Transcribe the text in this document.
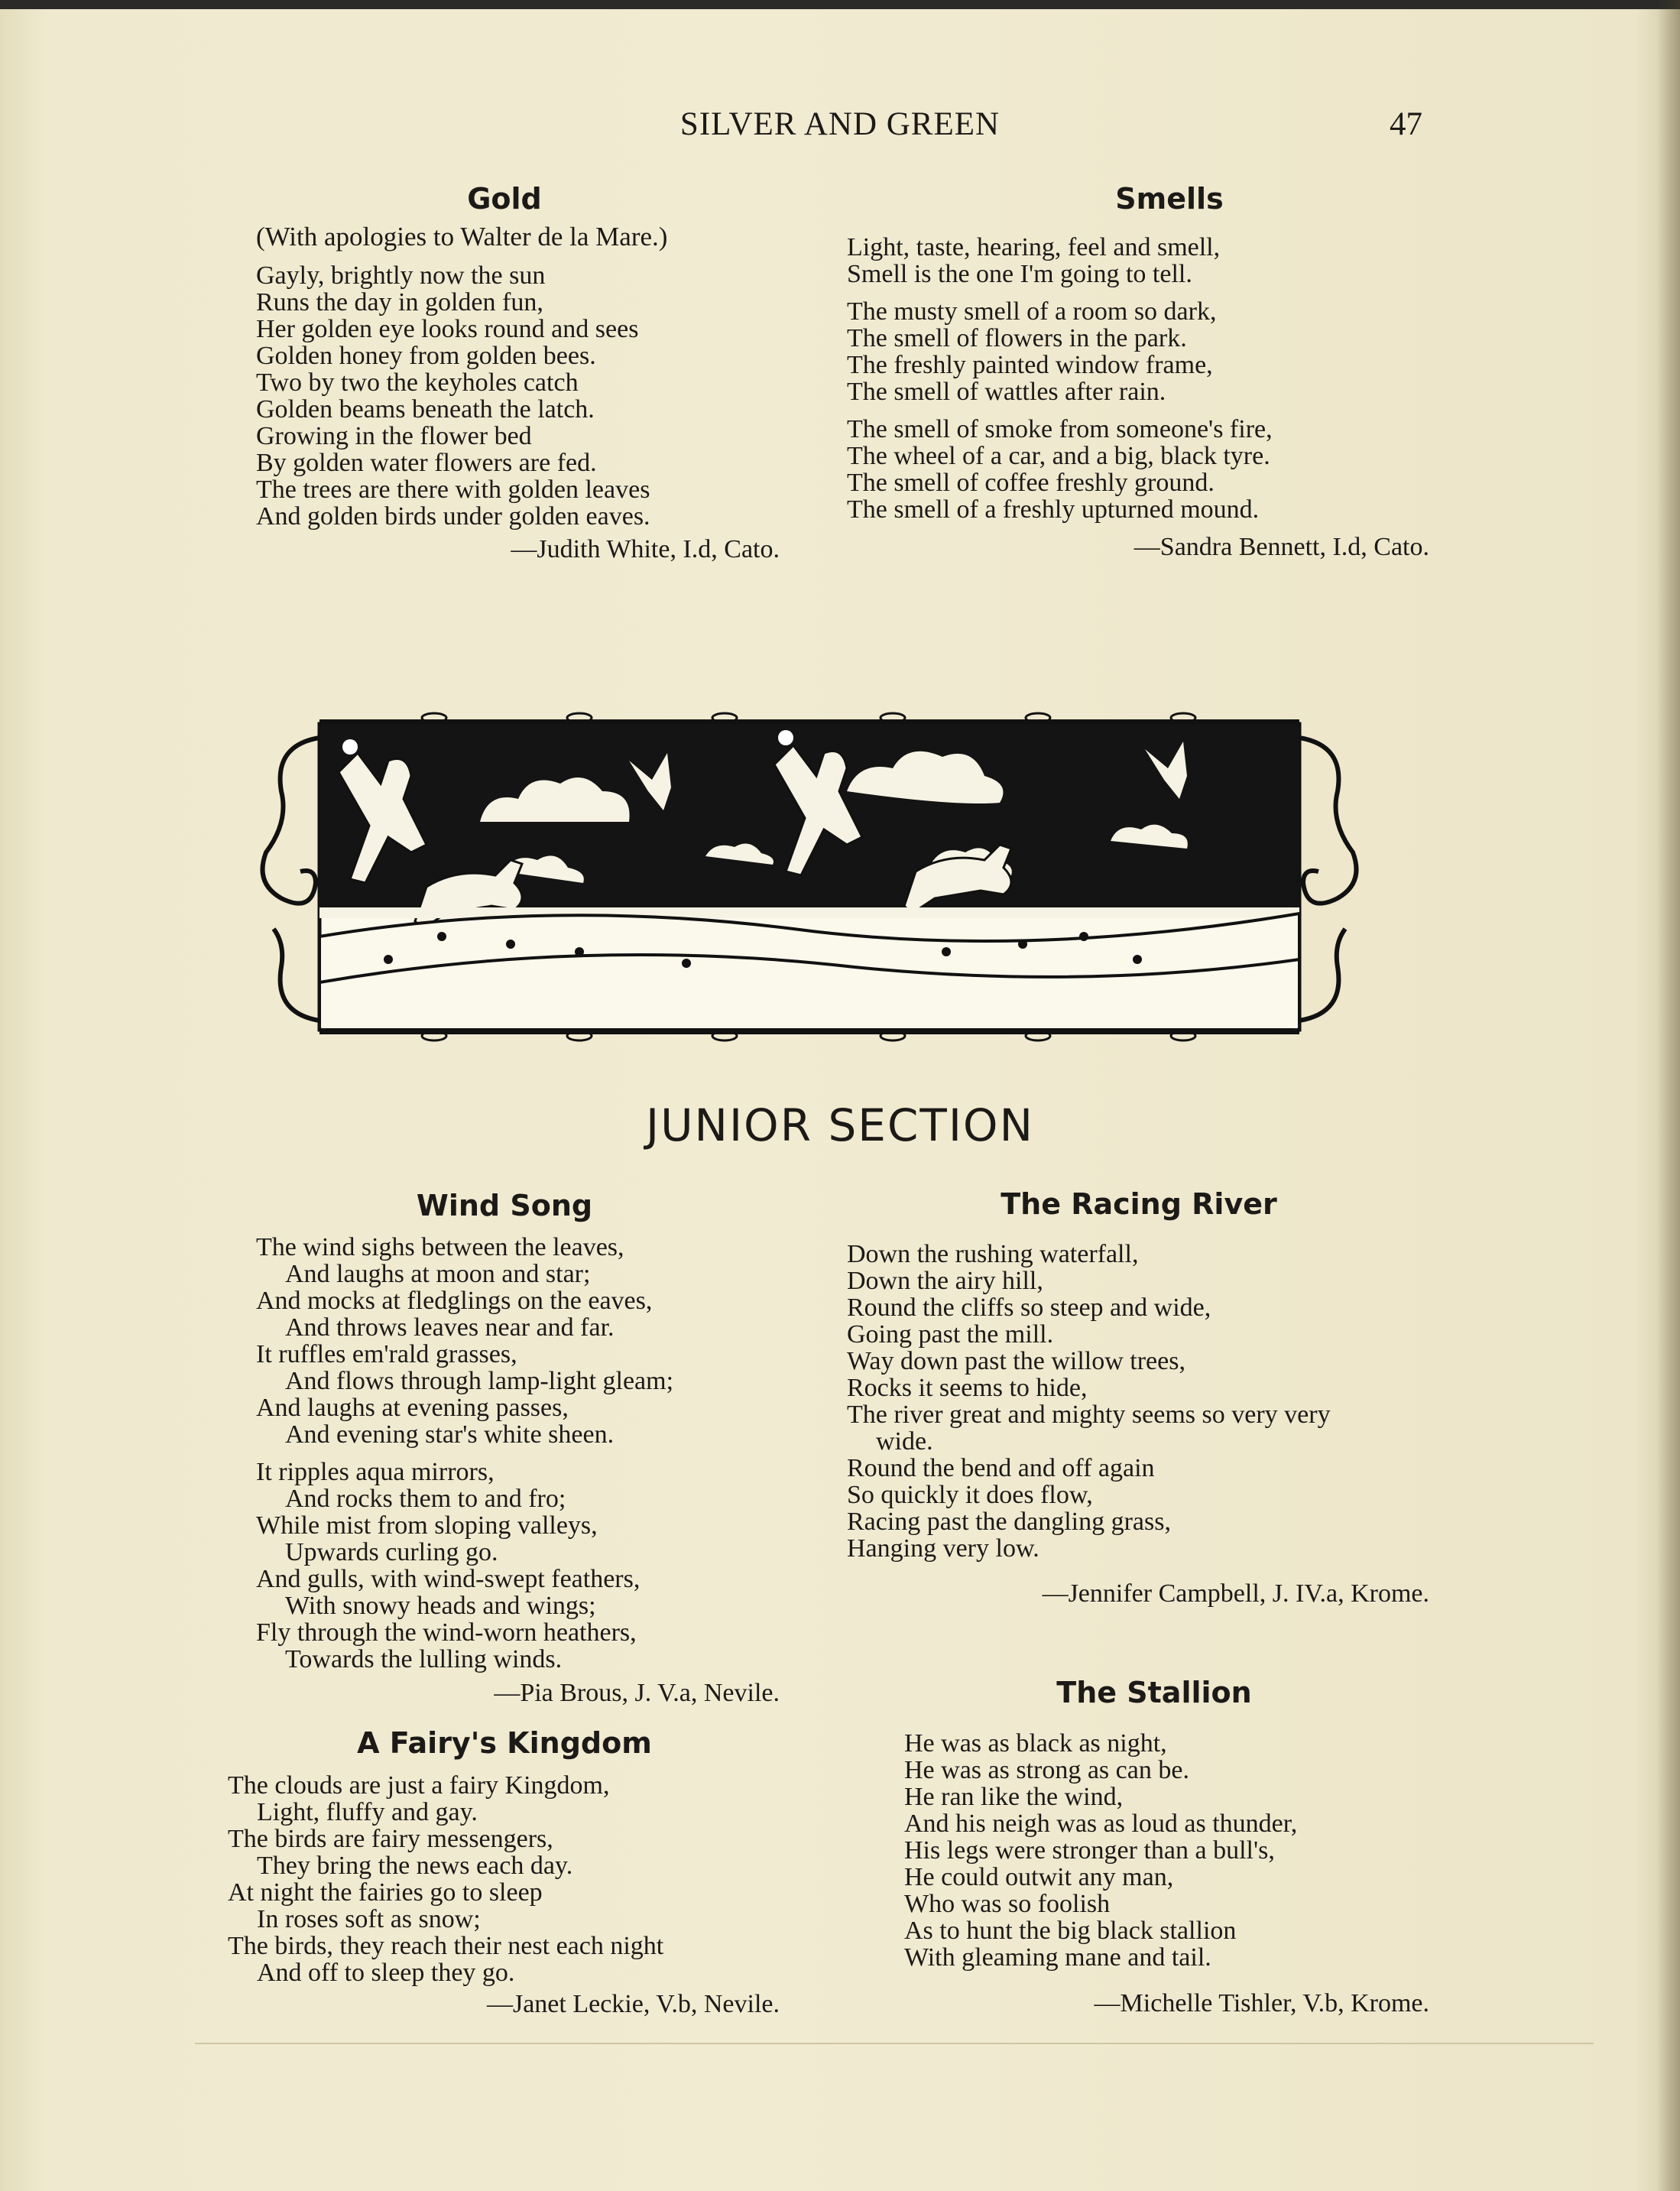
SILVER AND GREEN	47
Gold
(With apologies to Walter de la Mare.)
Gayly, brightly now the sun
Runs the day in golden fun,
Her golden eye looks round and sees
Golden honey from golden bees.
Two by two the keyholes catch
Golden beams beneath the latch.
Growing in the flower bed
By golden water flowers are fed.
The trees are there with golden leaves
And golden birds under golden eaves.
—Judith White, I.d, Cato.
Smells
Light, taste, hearing, feel and smell,
Smell is the one I'm going to tell.
The musty smell of a room so dark,
The smell of flowers in the park.
The freshly painted window frame,
The smell of wattles after rain.
The smell of smoke from someone's fire,
The wheel of a car, and a big, black tyre.
The smell of coffee freshly ground.
The smell of a freshly upturned mound.
—Sandra Bennett, I.d, Cato.
JUNIOR SECTION
Wind Song
The wind sighs between the leaves,
And laughs at moon and star;
And mocks at fledglings on the eaves,
And throws leaves near and far.
It ruffles em'rald grasses,
And flows through lamp-light gleam;
And laughs at evening passes,
And evening star's white sheen.
It ripples aqua mirrors,
And rocks them to and fro;
While mist from sloping valleys,
Upwards curling go.
And gulls, with wind-swept feathers,
With snowy heads and wings;
Fly through the wind-worn heathers,
Towards the lulling winds.
—Pia Brous, J. V.a, Nevile.
The Racing River
Down the rushing waterfall,
Down the airy hill,
Round the cliffs so steep and wide,
Going past the mill.
Way down past the willow trees,
Rocks it seems to hide,
The river great and mighty seems so very very
wide.
Round the bend and off again
So quickly it does flow,
Racing past the dangling grass,
Hanging very low.
—Jennifer Campbell, J. IV.a, Krome.
A Fairy's Kingdom
The clouds are just a fairy Kingdom,
Light, fluffy and gay.
The birds are fairy messengers,
They bring the news each day.
At night the fairies go to sleep
In roses soft as snow;
The birds, they reach their nest each night
And off to sleep they go.
—Janet Leckie, V.b, Nevile.
The Stallion
He was as black as night,
He was as strong as can be.
He ran like the wind,
And his neigh was as loud as thunder,
His legs were stronger than a bull's,
He could outwit any man,
Who was so foolish
As to hunt the big black stallion
With gleaming mane and tail.
—Michelle Tishler, V.b, Krome.
